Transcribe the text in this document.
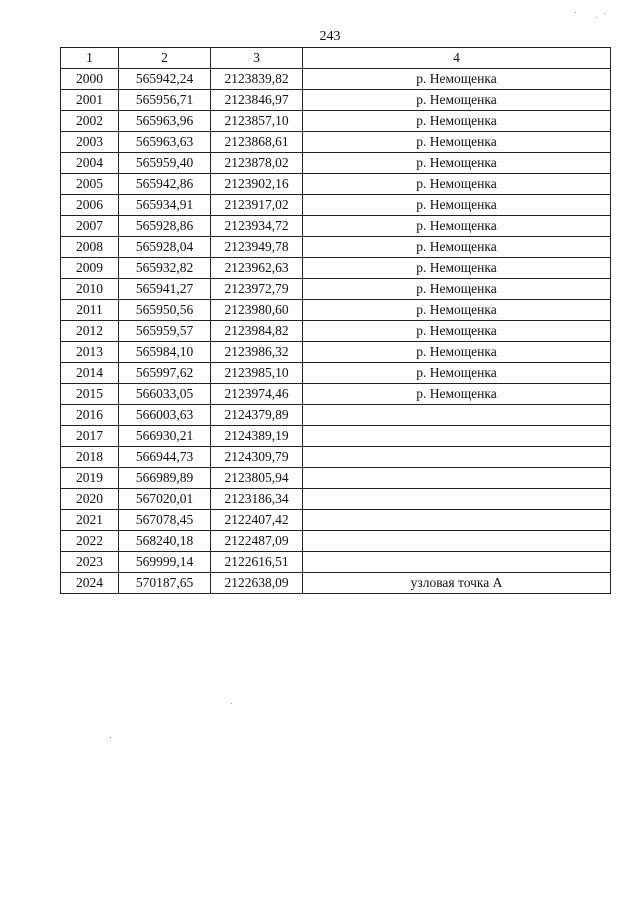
243
1	2	3	4
2000	565942,24	2123839,82	р. Немощенка
2001	565956,71	2123846,97	р. Немощенка
2002	565963,96	2123857,10	р. Немощенка
2003	565963,63	2123868,61	р. Немощенка
2004	565959,40	2123878,02	р. Немощенка
2005	565942,86	2123902,16	р. Немощенка
2006	565934,91	2123917,02	р. Немощенка
2007	565928,86	2123934,72	р. Немощенка
2008	565928,04	2123949,78	р. Немощенка
2009	565932,82	2123962,63	р. Немощенка
2010	565941,27	2123972,79	р. Немощенка
2011	565950,56	2123980,60	р. Немощенка
2012	565959,57	2123984,82	р. Немощенка
2013	565984,10	2123986,32	р. Немощенка
2014	565997,62	2123985,10	р. Немощенка
2015	566033,05	2123974,46	р. Немощенка
2016	566003,63	2124379,89	
2017	566930,21	2124389,19	
2018	566944,73	2124309,79	
2019	566989,89	2123805,94	
2020	567020,01	2123186,34	
2021	567078,45	2122407,42	
2022	568240,18	2122487,09	
2023	569999,14	2122616,51	
2024	570187,65	2122638,09	узловая точка А
